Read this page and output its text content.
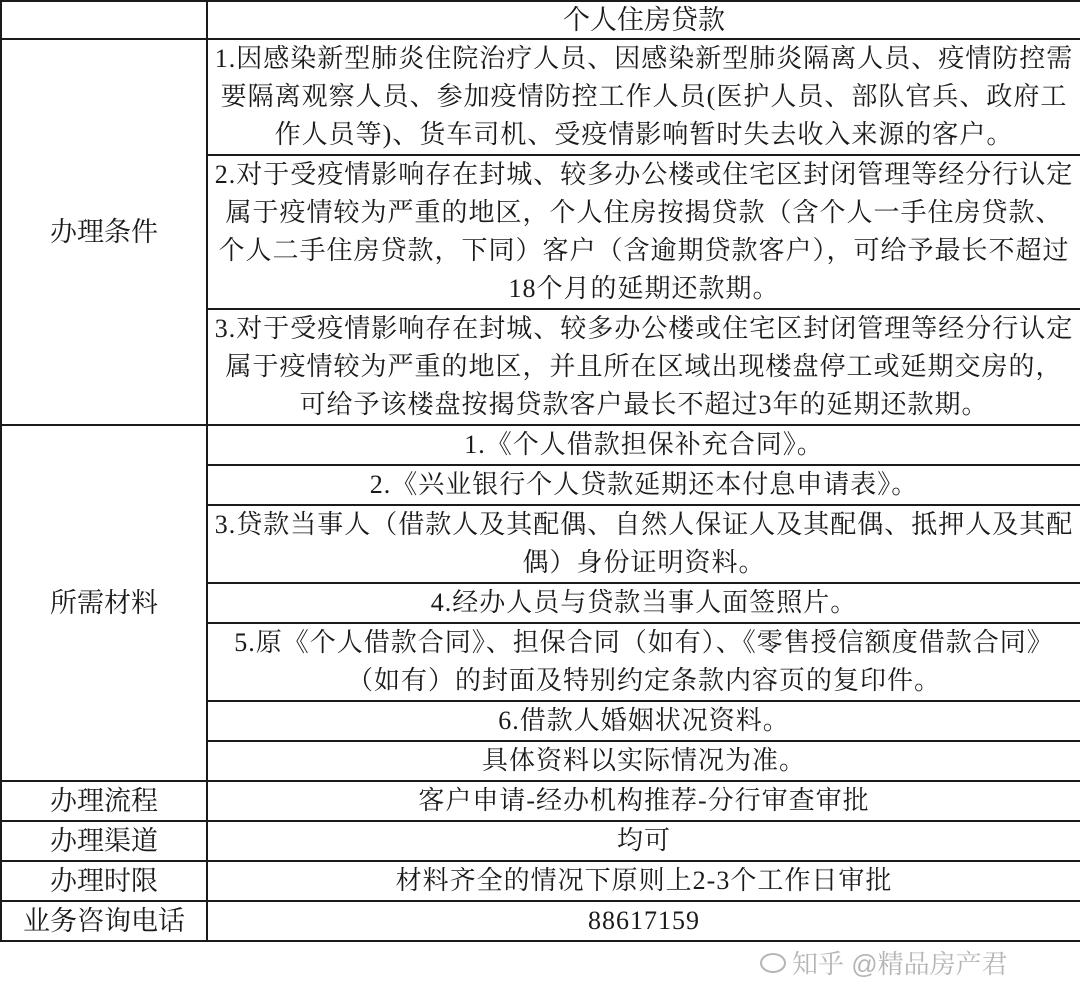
	个人住房贷款
办理条件	1.因感染新型肺炎住院治疗人员、因感染新型肺炎隔离人员、疫情防控需要隔离观察人员、参加疫情防控工作人员(医护人员、部队官兵、政府工作人员等)、货车司机、受疫情影响暂时失去收入来源的客户。
	2.对于受疫情影响存在封城、较多办公楼或住宅区封闭管理等经分行认定属于疫情较为严重的地区，个人住房按揭贷款（含个人一手住房贷款、个人二手住房贷款，下同）客户（含逾期贷款客户），可给予最长不超过18个月的延期还款期。
	3.对于受疫情影响存在封城、较多办公楼或住宅区封闭管理等经分行认定属于疫情较为严重的地区，并且所在区域出现楼盘停工或延期交房的，可给予该楼盘按揭贷款客户最长不超过3年的延期还款期。
所需材料	1.《个人借款担保补充合同》。
	2.《兴业银行个人贷款延期还本付息申请表》。
	3.贷款当事人（借款人及其配偶、自然人保证人及其配偶、抵押人及其配偶）身份证明资料。
	4.经办人员与贷款当事人面签照片。
	5.原《个人借款合同》、担保合同（如有）、《零售授信额度借款合同》（如有）的封面及特别约定条款内容页的复印件。
	6.借款人婚姻状况资料。
	具体资料以实际情况为准。
办理流程	客户申请-经办机构推荐-分行审查审批
办理渠道	均可
办理时限	材料齐全的情况下原则上2-3个工作日审批
业务咨询电话	88617159
知乎 @精品房产君
